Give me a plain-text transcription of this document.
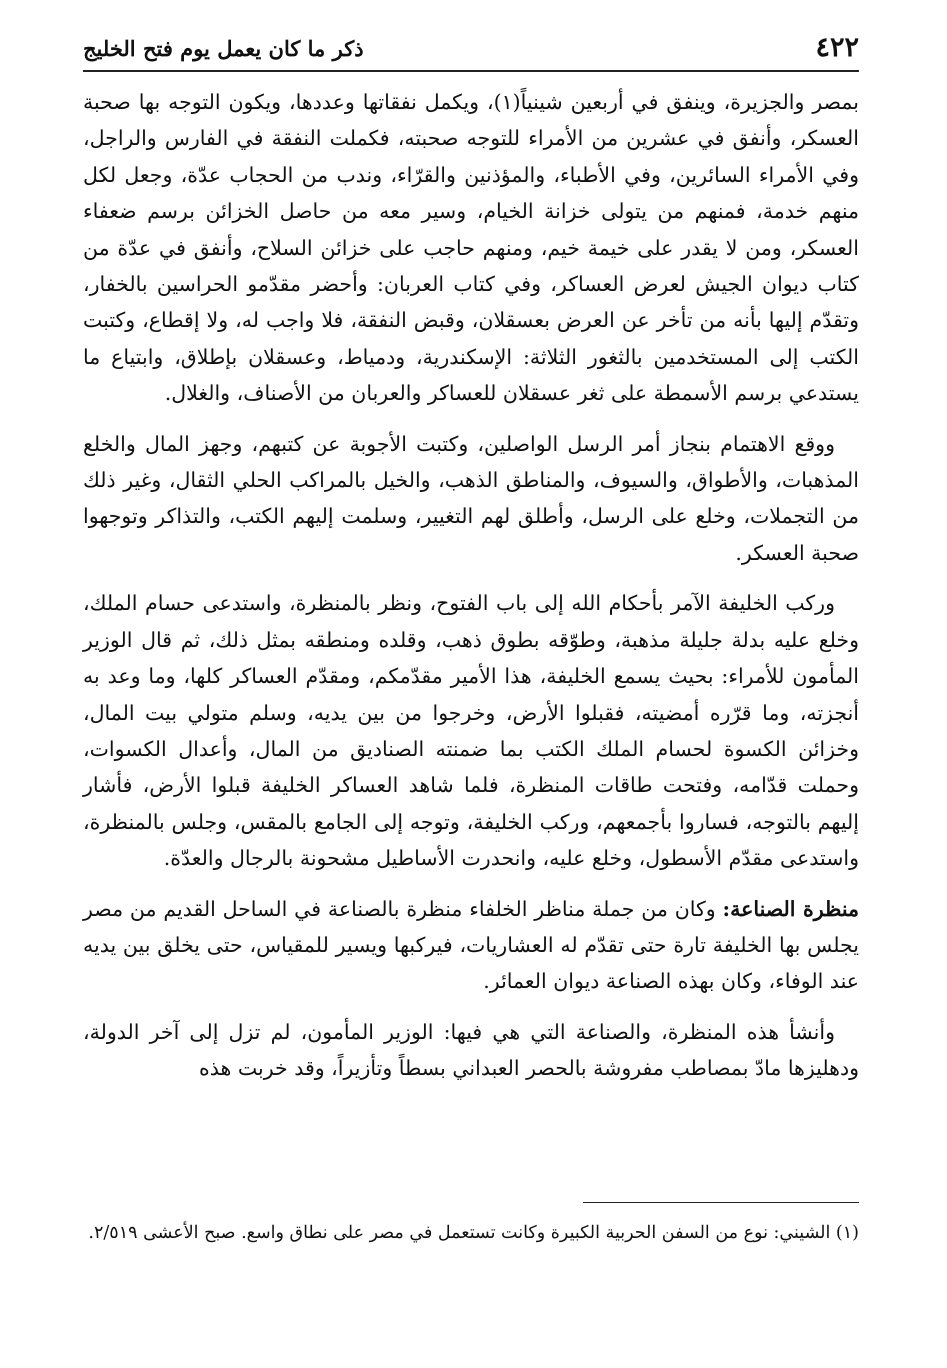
٤٢٢
ذكر ما كان يعمل يوم فتح الخليج

بمصر والجزيرة، وينفق في أربعين شينياً(١)، ويكمل نفقاتها وعددها، ويكون التوجه بها صحبة العسكر، وأنفق في عشرين من الأمراء للتوجه صحبته، فكملت النفقة في الفارس والراجل، وفي الأمراء السائرين، وفي الأطباء، والمؤذنين والقرّاء، وندب من الحجاب عدّة، وجعل لكل منهم خدمة، فمنهم من يتولى خزانة الخيام، وسير معه من حاصل الخزائن برسم ضعفاء العسكر، ومن لا يقدر على خيمة خيم، ومنهم حاجب على خزائن السلاح، وأنفق في عدّة من كتاب ديوان الجيش لعرض العساكر، وفي كتاب العربان: وأحضر مقدّمو الحراسين بالخفار، وتقدّم إليها بأنه من تأخر عن العرض بعسقلان، وقبض النفقة، فلا واجب له، ولا إقطاع، وكتبت الكتب إلى المستخدمين بالثغور الثلاثة: الإسكندرية، ودمياط، وعسقلان بإطلاق، وابتياع ما يستدعي برسم الأسمطة على ثغر عسقلان للعساكر والعربان من الأصناف، والغلال.

ووقع الاهتمام بنجاز أمر الرسل الواصلين، وكتبت الأجوبة عن كتبهم، وجهز المال والخلع المذهبات، والأطواق، والسيوف، والمناطق الذهب، والخيل بالمراكب الحلي الثقال، وغير ذلك من التجملات، وخلع على الرسل، وأطلق لهم التغيير، وسلمت إليهم الكتب، والتذاكر وتوجهوا صحبة العسكر.

وركب الخليفة الآمر بأحكام الله إلى باب الفتوح، ونظر بالمنظرة، واستدعى حسام الملك، وخلع عليه بدلة جليلة مذهبة، وطوّقه بطوق ذهب، وقلده ومنطقه بمثل ذلك، ثم قال الوزير المأمون للأمراء: بحيث يسمع الخليفة، هذا الأمير مقدّمكم، ومقدّم العساكر كلها، وما وعد به أنجزته، وما قرّره أمضيته، فقبلوا الأرض، وخرجوا من بين يديه، وسلم متولي بيت المال، وخزائن الكسوة لحسام الملك الكتب بما ضمنته الصناديق من المال، وأعدال الكسوات، وحملت قدّامه، وفتحت طاقات المنظرة، فلما شاهد العساكر الخليفة قبلوا الأرض، فأشار إليهم بالتوجه، فساروا بأجمعهم، وركب الخليفة، وتوجه إلى الجامع بالمقس، وجلس بالمنظرة، واستدعى مقدّم الأسطول، وخلع عليه، وانحدرت الأساطيل مشحونة بالرجال والعدّة.

منظرة الصناعة: وكان من جملة مناظر الخلفاء منظرة بالصناعة في الساحل القديم من مصر يجلس بها الخليفة تارة حتى تقدّم له العشاريات، فيركبها ويسير للمقياس، حتى يخلق بين يديه عند الوفاء، وكان بهذه الصناعة ديوان العمائر.

وأنشأ هذه المنظرة، والصناعة التي هي فيها: الوزير المأمون، لم تزل إلى آخر الدولة، ودهليزها مادّ بمصاطب مفروشة بالحصر العبداني بسطاً وتأزيراً، وقد خربت هذه

(١) الشيني: نوع من السفن الحربية الكبيرة وكانت تستعمل في مصر على نطاق واسع. صبح الأعشى ٢/٥١٩.
